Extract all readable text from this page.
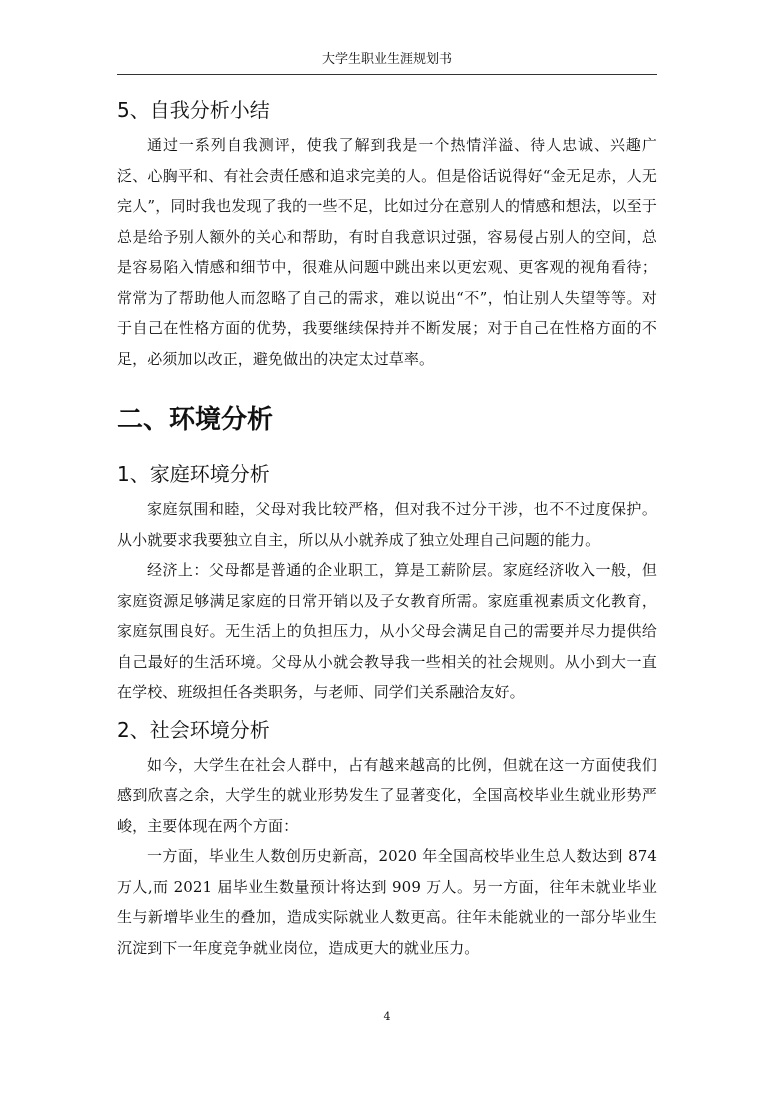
大学生职业生涯规划书
5、自我分析小结

通过一系列自我测评，使我了解到我是一个热情洋溢、待人忠诚、兴趣广泛、心胸平和、有社会责任感和追求完美的人。但是俗话说得好“金无足赤，人无完人”，同时我也发现了我的一些不足，比如过分在意别人的情感和想法，以至于总是给予别人额外的关心和帮助，有时自我意识过强，容易侵占别人的空间，总是容易陷入情感和细节中，很难从问题中跳出来以更宏观、更客观的视角看待；常常为了帮助他人而忽略了自己的需求，难以说出“不”，怕让别人失望等等。对于自己在性格方面的优势，我要继续保持并不断发展；对于自己在性格方面的不足，必须加以改正，避免做出的决定太过草率。

二、环境分析
1、家庭环境分析

家庭氛围和睦，父母对我比较严格，但对我不过分干涉，也不不过度保护。从小就要求我要独立自主，所以从小就养成了独立处理自己问题的能力。

经济上：父母都是普通的企业职工，算是工薪阶层。家庭经济收入一般，但家庭资源足够满足家庭的日常开销以及子女教育所需。家庭重视素质文化教育，家庭氛围良好。无生活上的负担压力，从小父母会满足自己的需要并尽力提供给自己最好的生活环境。父母从小就会教导我一些相关的社会规则。从小到大一直在学校、班级担任各类职务，与老师、同学们关系融洽友好。

2、社会环境分析

如今，大学生在社会人群中，占有越来越高的比例，但就在这一方面使我们感到欣喜之余，大学生的就业形势发生了显著变化，全国高校毕业生就业形势严峻，主要体现在两个方面：

一方面，毕业生人数创历史新高，2020 年全国高校毕业生总人数达到 874 万人,而 2021 届毕业生数量预计将达到 909 万人。另一方面，往年未就业毕业生与新增毕业生的叠加，造成实际就业人数更高。往年未能就业的一部分毕业生沉淀到下一年度竞争就业岗位，造成更大的就业压力。

4
